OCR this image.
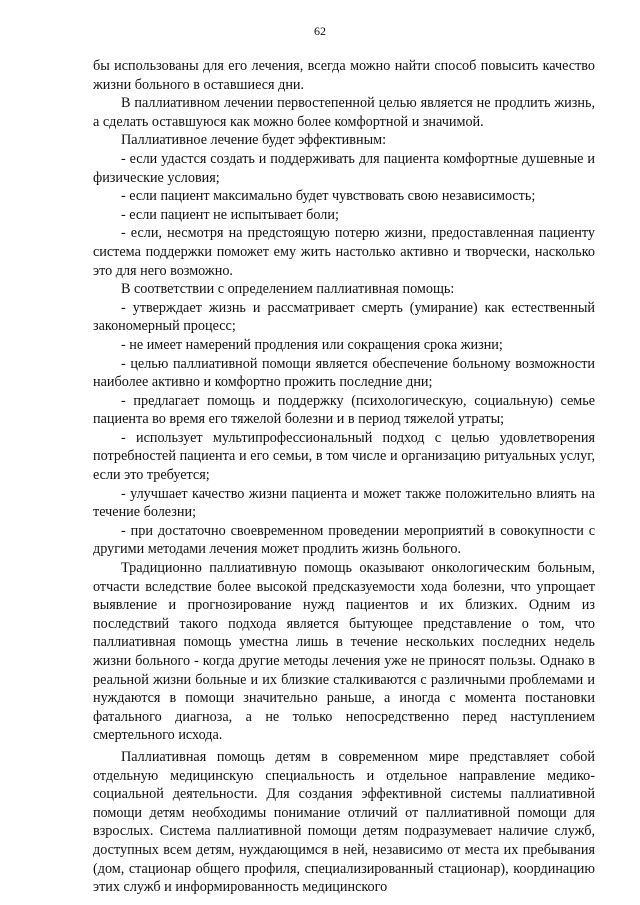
62

бы использованы для его лечения, всегда можно найти способ повысить качество жизни больного в оставшиеся дни.

В паллиативном лечении первостепенной целью является не продлить жизнь, а сделать оставшуюся как можно более комфортной и значимой.

Паллиативное лечение будет эффективным:

- если удастся создать и поддерживать для пациента комфортные душевные и физические условия;

- если пациент максимально будет чувствовать свою независимость;

- если пациент не испытывает боли;

- если, несмотря на предстоящую потерю жизни, предоставленная пациенту система поддержки поможет ему жить настолько активно и творчески, насколько это для него возможно.

В соответствии с определением паллиативная помощь:

- утверждает жизнь и рассматривает смерть (умирание) как естественный закономерный процесс;

- не имеет намерений продления или сокращения срока жизни;

- целью паллиативной помощи является обеспечение больному возможности наиболее активно и комфортно прожить последние дни;

- предлагает помощь и поддержку (психологическую, социальную) семье пациента во время его тяжелой болезни и в период тяжелой утраты;

- использует мультипрофессиональный подход с целью удовлетворения потребностей пациента и его семьи, в том числе и организацию ритуальных услуг, если это требуется;

- улучшает качество жизни пациента и может также положительно влиять на течение болезни;

- при достаточно своевременном проведении мероприятий в совокупности с другими методами лечения может продлить жизнь больного.

Традиционно паллиативную помощь оказывают онкологическим больным, отчасти вследствие более высокой предсказуемости хода болезни, что упрощает выявление и прогнозирование нужд пациентов и их близких. Одним из последствий такого подхода является бытующее представление о том, что паллиативная помощь уместна лишь в течение нескольких последних недель жизни больного - когда другие методы лечения уже не приносят пользы. Однако в реальной жизни больные и их близкие сталкиваются с различными проблемами и нуждаются в помощи значительно раньше, а иногда с момента постановки фатального диагноза, а не только непосредственно перед наступлением смертельного исхода.

Паллиативная помощь детям в современном мире представляет собой отдельную медицинскую специальность и отдельное направление медико-социальной деятельности. Для создания эффективной системы паллиативной помощи детям необходимы понимание отличий от паллиативной помощи для взрослых. Система паллиативной помощи детям подразумевает наличие служб, доступных всем детям, нуждающимся в ней, независимо от места их пребывания (дом, стационар общего профиля, специализированный стационар), координацию этих служб и информированность медицинского
